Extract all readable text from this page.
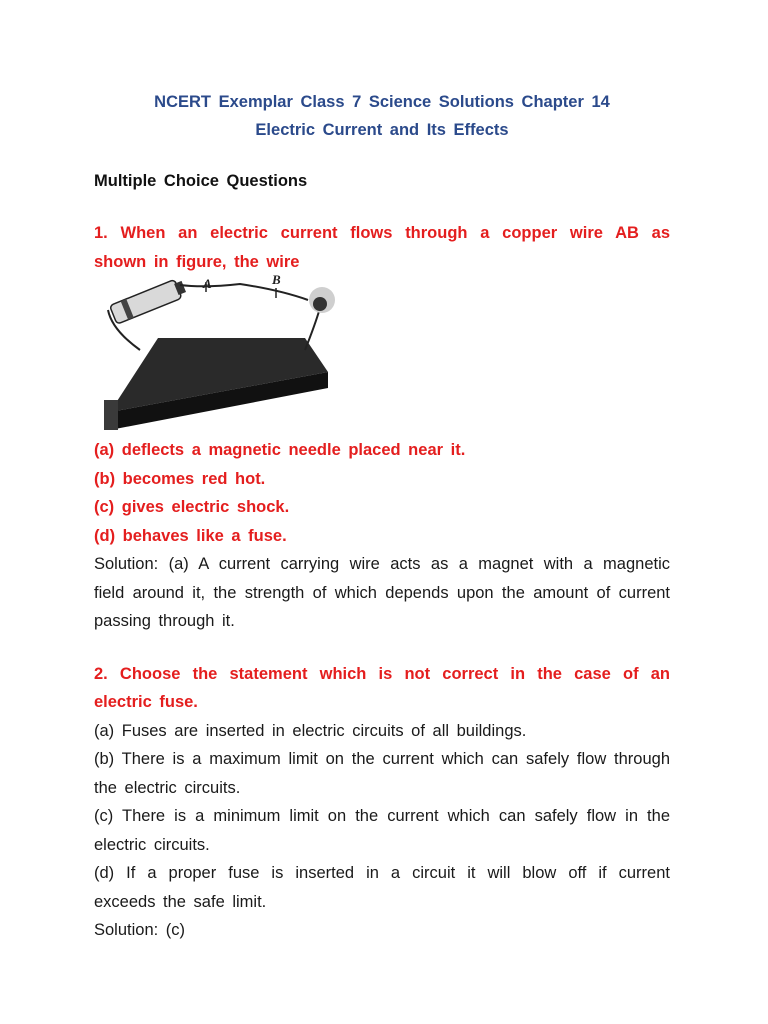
NCERT Exemplar Class 7 Science Solutions Chapter 14

Electric Current and Its Effects

Multiple Choice Questions

1. When an electric current flows through a copper wire AB as shown in figure, the wire

A	B

(a) deflects a magnetic needle placed near it.

(b) becomes red hot.

(c) gives electric shock.

(d) behaves like a fuse.

Solution: (a) A current carrying wire acts as a magnet with a magnetic field around it, the strength of which depends upon the amount of current passing through it.

2. Choose the statement which is not correct in the case of an electric fuse.

(a) Fuses are inserted in electric circuits of all buildings.

(b) There is a maximum limit on the current which can safely flow through the electric circuits.

(c) There is a minimum limit on the current which can safely flow in the electric circuits.

(d) If a proper fuse is inserted in a circuit it will blow off if current exceeds the safe limit.

Solution: (c)
